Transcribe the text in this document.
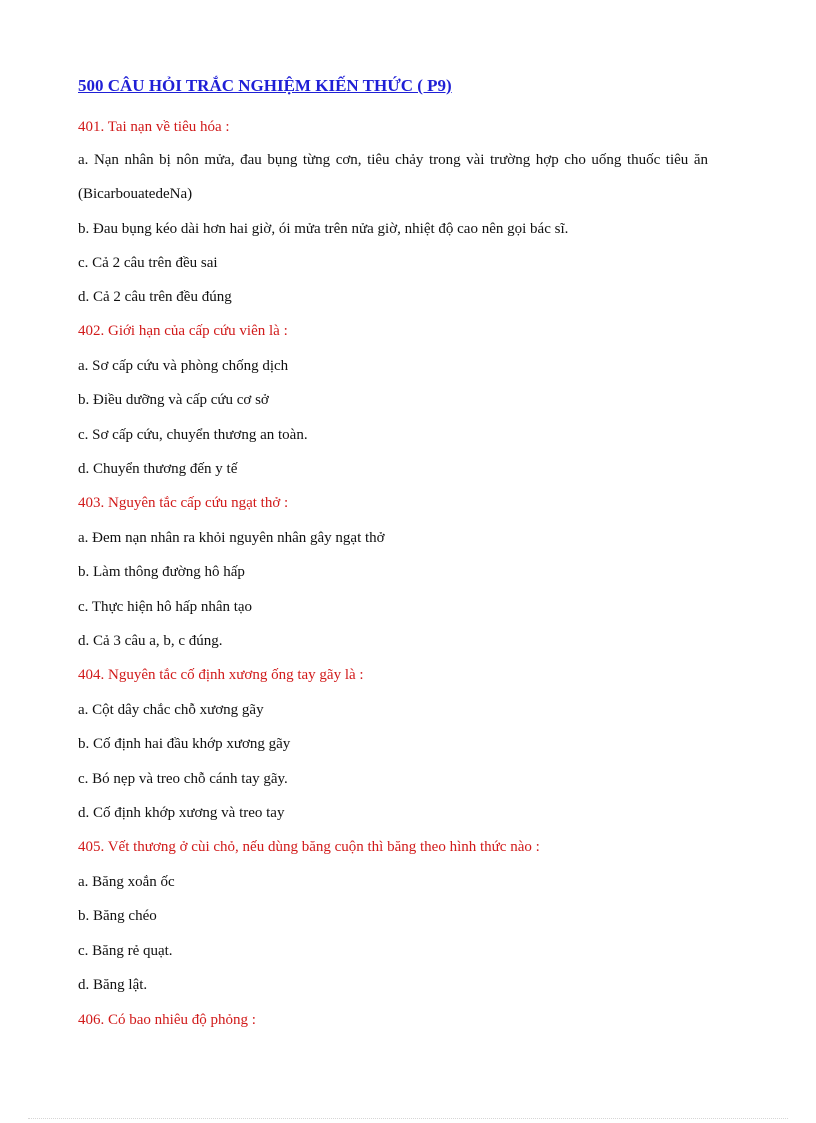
500 CÂU HỎI TRẮC NGHIỆM KIẾN THỨC ( P9)

401. Tai nạn về tiêu hóa :

a. Nạn nhân bị nôn mửa, đau bụng từng cơn, tiêu chảy trong vài trường hợp cho uống thuốc tiêu ăn (BicarbouatedeNa)

b. Đau bụng kéo dài hơn hai giờ, ói mửa trên nửa giờ, nhiệt độ cao nên gọi bác sĩ.

c. Cả 2 câu trên đều sai

d. Cả 2 câu trên đều đúng

402. Giới hạn của cấp cứu viên là :

a. Sơ cấp cứu và phòng chống dịch

b. Điều dưỡng và cấp cứu cơ sở

c. Sơ cấp cứu, chuyển thương an toàn.

d. Chuyển thương đến y tế

403. Nguyên tắc cấp cứu ngạt thở :

a. Đem nạn nhân ra khỏi nguyên nhân gây ngạt thở

b. Làm thông đường hô hấp

c. Thực hiện hô hấp nhân tạo

d. Cả 3 câu a, b, c đúng.

404. Nguyên tắc cố định xương ống tay gãy là :

a. Cột dây chắc chỗ xương gãy

b. Cố định hai đầu khớp xương gãy

c. Bó nẹp và treo chỗ cánh tay gãy.

d. Cố định khớp xương và treo tay

405. Vết thương ở cùi chỏ, nếu dùng băng cuộn thì băng theo hình thức nào :

a. Băng xoắn ốc

b. Băng chéo

c. Băng rẻ quạt.

d. Băng lật.

406. Có bao nhiêu độ phỏng :
